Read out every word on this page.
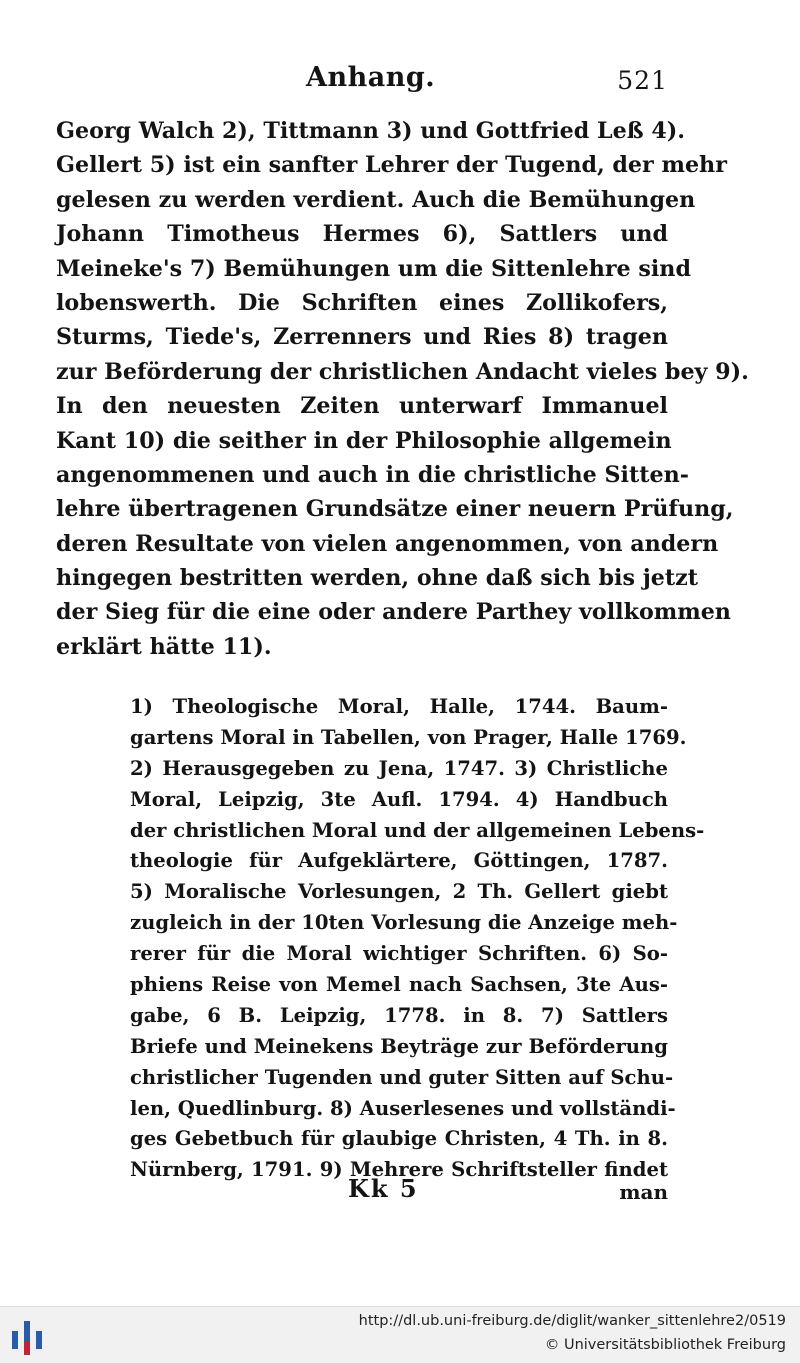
Anhang.	521
Georg Walch 2), Tittmann 3) und Gottfried Leß 4).
Gellert 5) ist ein sanfter Lehrer der Tugend, der mehr
gelesen zu werden verdient. Auch die Bemühungen
Johann Timotheus Hermes 6), Sattlers und
Meineke's 7) Bemühungen um die Sittenlehre sind
lobenswerth. Die Schriften eines Zollikofers,
Sturms, Tiede's, Zerrenners und Ries 8) tragen
zur Beförderung der christlichen Andacht vieles bey 9).
In den neuesten Zeiten unterwarf Immanuel
Kant 10) die seither in der Philosophie allgemein
angenommenen und auch in die christliche Sitten-
lehre übertragenen Grundsätze einer neuern Prüfung,
deren Resultate von vielen angenommen, von andern
hingegen bestritten werden, ohne daß sich bis jetzt
der Sieg für die eine oder andere Parthey vollkommen
erklärt hätte 11).
1) Theologische Moral, Halle, 1744. Baum-
gartens Moral in Tabellen, von Prager, Halle 1769.
2) Herausgegeben zu Jena, 1747. 3) Christliche
Moral, Leipzig, 3te Aufl. 1794. 4) Handbuch
der christlichen Moral und der allgemeinen Lebens-
theologie für Aufgeklärtere, Göttingen, 1787.
5) Moralische Vorlesungen, 2 Th. Gellert giebt
zugleich in der 10ten Vorlesung die Anzeige meh-
rerer für die Moral wichtiger Schriften. 6) So-
phiens Reise von Memel nach Sachsen, 3te Aus-
gabe, 6 B. Leipzig, 1778. in 8. 7) Sattlers
Briefe und Meinekens Beyträge zur Beförderung
christlicher Tugenden und guter Sitten auf Schu-
len, Quedlinburg. 8) Auserlesenes und vollständi-
ges Gebetbuch für glaubige Christen, 4 Th. in 8.
Nürnberg, 1791. 9) Mehrere Schriftsteller findet
Kk 5	man
http://dl.ub.uni-freiburg.de/diglit/wanker_sittenlehre2/0519
© Universitätsbibliothek Freiburg
